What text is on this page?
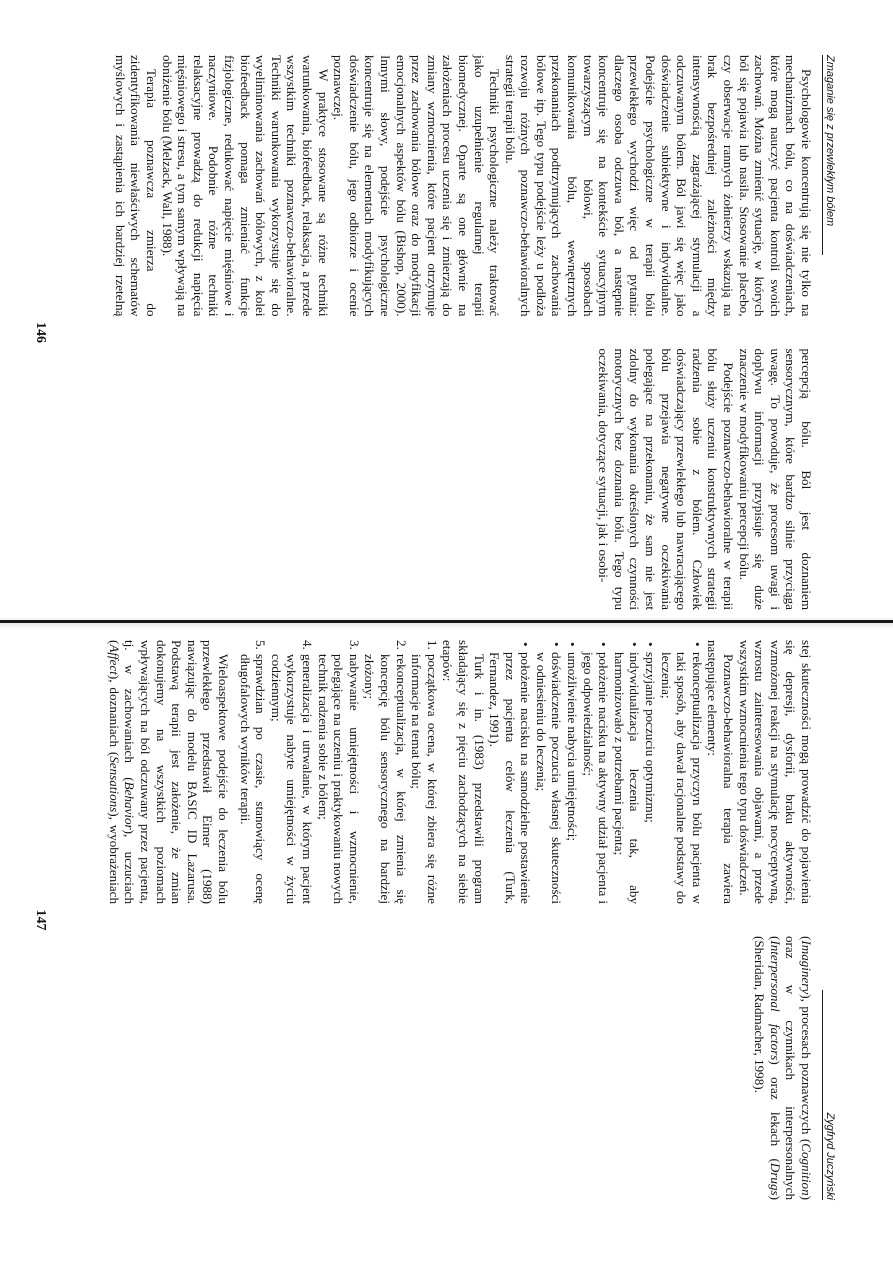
Zmaganie się z przewlekłym bólem

Psychologowie koncentrują się nie tylko na mechanizmach bólu, co na doświadczeniach, które mogą nauczyć pacjenta kontroli swoich zachowań. Można zmienić sytuację, w których ból się pojawia lub nasila. Stosowanie placebo, czy obserwacje rannych żołnierzy wskazują na brak bezpośredniej zależności między intensywnością zagrażającej stymulacji a odczuwanym bólem. Ból jawi się więc jako doświadczenie subiektywne i indywidualne. Podejście psychologiczne w terapii bólu przewlekłego wychodzi więc od pytania: dlaczego osoba odczuwa ból, a następnie koncentruje się na kontekście sytuacyjnym towarzyszącym bólowi, sposobach komunikowania bólu, wewnętrznych przekonaniach podtrzymujących zachowania bólowe itp. Tego typu podejście leży u podłoża rozwoju różnych poznawczo-behawioralnych strategii terapii bólu.

Techniki psychologiczne należy traktować jako uzupełnienie regularnej terapii biomedycznej. Oparte są one głównie na założeniach procesu uczenia się i zmierzają do zmiany wzmocnienia, które pacjent otrzymuje przez zachowania bólowe oraz do modyfikacji emocjonalnych aspektów bólu (Bishop, 2000). Innymi słowy, podejście psychologiczne koncentruje się na elementach modyfikujących doświadczenie bólu, jego odbiorze i ocenie poznawczej.

W praktyce stosowane są różne techniki warunkowania, biofeedback, relaksacja, a przede wszystkim techniki poznawczo-behawioralne. Techniki warunkowania wykorzystuje się do wyeliminowania zachowań bólowych, z kolei biofeedback pomaga zmieniać funkcje fizjologiczne, redukować napięcie mięśniowe i naczyniowe. Podobnie różne techniki relaksacyjne prowadzą do redukcji napięcia mięśniowego i stresu, a tym samym wpływają na obniżenie bólu (Melzack, Wall, 1988).

Terapia poznawcza zmierza do zidentyfikowania niewłaściwych schematów myślowych i zastąpienia ich bardziej rzetelną percepcją bólu. Ból jest doznaniem sensorycznym, które bardzo silnie przyciąga uwagę. To powoduje, że procesom uwagi i doplywu informacji przypisuje się duże znaczenie w modyfikowaniu percepcji bólu.

Podejście poznawczo-behawioralne w terapii bólu służy uczeniu konstruktywnych strategii radzenia sobie z bólem. Człowiek doświadczający przewlekłego lub nawracającego bólu przejawia negatywne oczekiwania polegające na przekonaniu, że sam nie jest zdolny do wykonania określonych czynności motorycznych bez doznania bólu. Tego typu oczekiwania, dotyczące sytuacji, jak i osobi-

146
Zygfryd Juczyński

stej skuteczności mogą prowadzić do pojawienia się depresji, dysforii, braku aktywności, wzmożonej reakcji na stymulację nocyceptywną, wzrostu zainteresowania objawami, a przede wszystkim wzmocnienia tego typu doświadczeń.

Poznawczo-behawioralna terapia zawiera następujące elementy:

• rekonceptualizacja przyczyn bólu pacjenta w taki sposób, aby dawał racjonalne podstawy do leczenia;
• sprzyjanie poczuciu optymizmu;
• indywidualizacja leczenia tak, aby harmonizowało z potrzebami pacjenta;
• położenie nacisku na aktywny udział pacjenta i jego odpowiedzialność;
• umożliwienie nabycia umiejętności;
• doświadczenie poczucia własnej skuteczności w odniesieniu do leczenia;
• położenie nacisku na samodzielne postawienie przez pacjenta celów leczenia (Turk, Fernandez, 1991).

Turk i in. (1983) przedstawili program składający się z pięciu zachodzących na siebie etapów:

1.
początkowa ocena, w której zbiera się różne informacje na temat bólu;
2.
rekonceptualizacja, w której zmienia się koncepcję bólu sensorycznego na bardziej złożony;
3.
nabywanie umiejętności i wzmocnienie, polegające na uczeniu i praktykowaniu nowych technik radzenia sobie z bólem;
4.
generalizacja i utrwalanie, w którym pacjent wykorzystuje nabyte umiejętności w życiu codziennym;
5.
sprawdzian po czasie, stanowiący ocenę długofalowych wyników terapii.

Wieloaspektowe podejście do leczenia bólu przewlekłego przedstawił Eimer (1988) nawiązując do modelu BASIC ID Lazarusa. Podstawą terapii jest założenie, że zmian dokonujemy na wszystkich poziomach wpływających na ból odczuwany przez pacjenta, tj. w zachowaniach (Behavior), uczuciach (Affect), doznaniach (Sensations), wyobrażeniach (Imaginery), procesach poznawczych (Cognition) oraz w czynnikach interpersonalnych (Interpersonal factors) oraz lekach (Drugs) (Sheridan, Radmacher, 1998).

147
